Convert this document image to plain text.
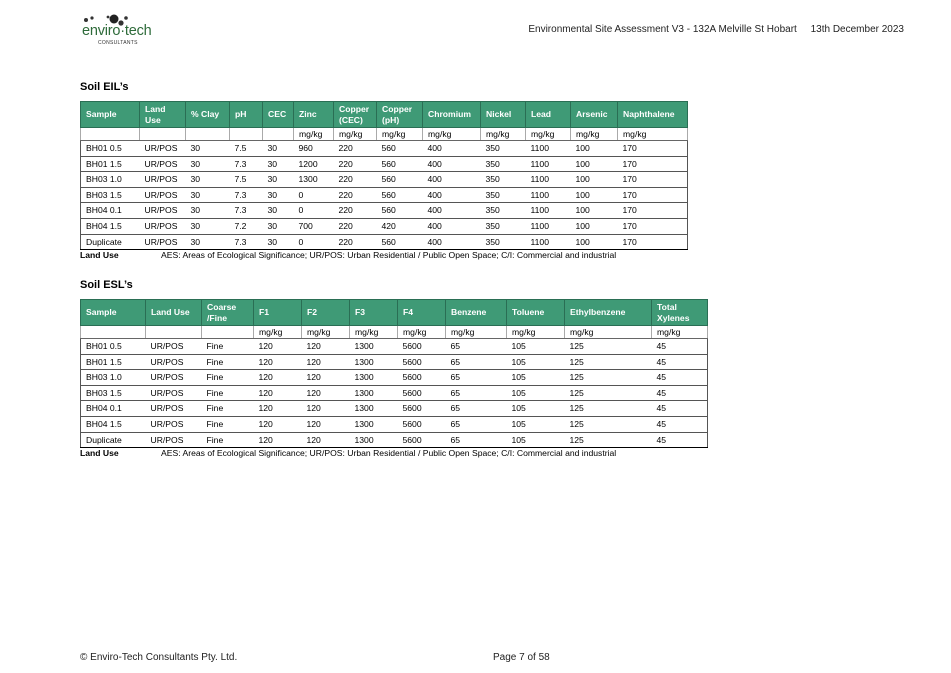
enviro·tech
CONSULTANTS
Environmental Site Assessment V3 - 132A Melville St Hobart 13th December 2023
Soil EIL’s
Sample	Land Use	% Clay	pH	CEC	Zinc	Copper (CEC)	Copper (pH)	Chromium	Nickel	Lead	Arsenic	Naphthalene
					mg/kg	mg/kg	mg/kg	mg/kg	mg/kg	mg/kg	mg/kg	mg/kg
BH01 0.5	UR/POS	30	7.5	30	960	220	560	400	350	1100	100	170
BH01 1.5	UR/POS	30	7.3	30	1200	220	560	400	350	1100	100	170
BH03 1.0	UR/POS	30	7.5	30	1300	220	560	400	350	1100	100	170
BH03 1.5	UR/POS	30	7.3	30	0	220	560	400	350	1100	100	170
BH04 0.1	UR/POS	30	7.3	30	0	220	560	400	350	1100	100	170
BH04 1.5	UR/POS	30	7.2	30	700	220	420	400	350	1100	100	170
Duplicate	UR/POS	30	7.3	30	0	220	560	400	350	1100	100	170
Land Use	AES: Areas of Ecological Significance; UR/POS: Urban Residential / Public Open Space; C/I: Commercial and industrial
Soil ESL’s
Sample	Land Use	Coarse /Fine	F1	F2	F3	F4	Benzene	Toluene	Ethylbenzene	Total Xylenes
			mg/kg	mg/kg	mg/kg	mg/kg	mg/kg	mg/kg	mg/kg	mg/kg
BH01 0.5	UR/POS	Fine	120	120	1300	5600	65	105	125	45
BH01 1.5	UR/POS	Fine	120	120	1300	5600	65	105	125	45
BH03 1.0	UR/POS	Fine	120	120	1300	5600	65	105	125	45
BH03 1.5	UR/POS	Fine	120	120	1300	5600	65	105	125	45
BH04 0.1	UR/POS	Fine	120	120	1300	5600	65	105	125	45
BH04 1.5	UR/POS	Fine	120	120	1300	5600	65	105	125	45
Duplicate	UR/POS	Fine	120	120	1300	5600	65	105	125	45
Land Use	AES: Areas of Ecological Significance; UR/POS: Urban Residential / Public Open Space; C/I: Commercial and industrial
© Enviro-Tech Consultants Pty. Ltd.	Page 7 of 58
